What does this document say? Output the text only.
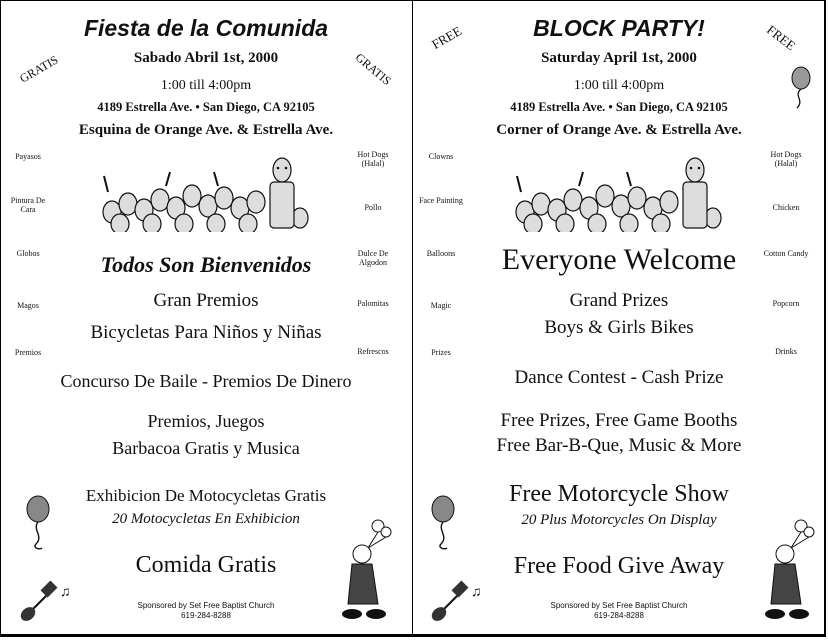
Fiesta de la Comunida
GRATIS	GRATIS
Sabado Abril 1st, 2000
1:00 till 4:00pm
4189 Estrella Ave. • San Diego, CA 92105
Esquina de Orange Ave. & Estrella Ave.
Payasos
Pintura De Cara
Globos
Magos
Premios
Hot Dogs (Halal)
Pollo
Dulce De Algodon
Palomitas
Refrescos
Todos Son Bienvenidos
Gran Premios
Bicycletas Para Niños y Niñas
Concurso De Baile - Premios De Dinero
Premios, Juegos
Barbacoa Gratis y Musica
Exhibicion De Motocycletas Gratis
20 Motocycletas En Exhibicion
Comida Gratis
♫
Sponsored by Set Free Baptist Church
619-284-8288
BLOCK PARTY!
FREE	FREE
Saturday April 1st, 2000
1:00 till 4:00pm
4189 Estrella Ave. • San Diego, CA 92105
Corner of Orange Ave. & Estrella Ave.
Clowns
Face Painting
Balloons
Magic
Prizes
Hot Dogs (Halal)
Chicken
Cotton Candy
Popcorn
Drinks
Everyone Welcome
Grand Prizes
Boys & Girls Bikes
Dance Contest - Cash Prize
Free Prizes, Free Game Booths
Free Bar-B-Que, Music & More
Free Motorcycle Show
20 Plus Motorcycles On Display
Free Food Give Away
♫
Sponsored by Set Free Baptist Church
619-284-8288
